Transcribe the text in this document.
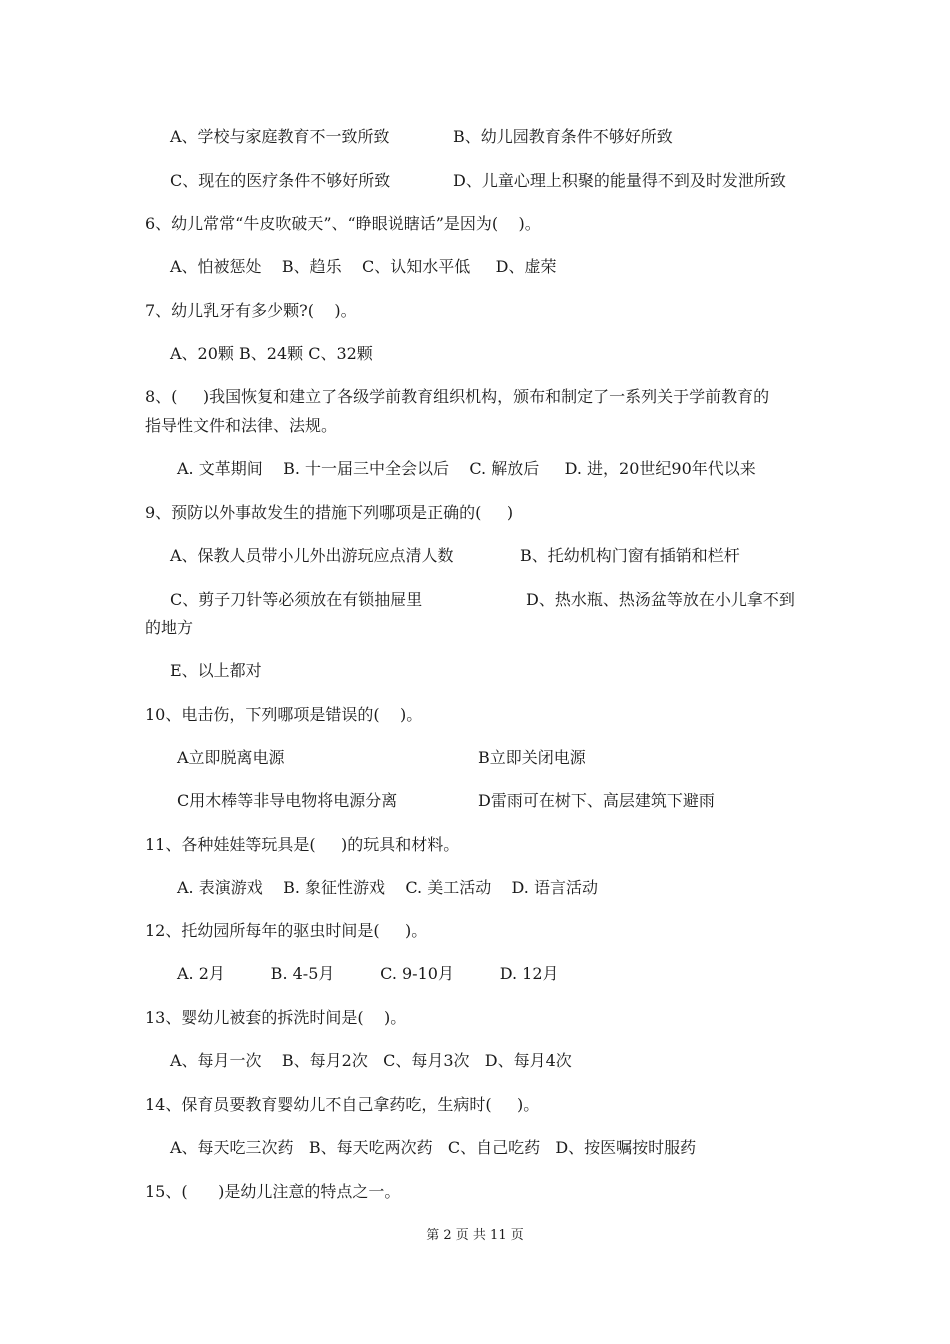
A、学校与家庭教育不一致所致	B、幼儿园教育条件不够好所致
C、现在的医疗条件不够好所致	D、儿童心理上积聚的能量得不到及时发泄所致
6、幼儿常常“牛皮吹破天”、“睁眼说瞎话”是因为(    )。
A、怕被惩处    B、趋乐    C、认知水平低     D、虚荣
7、幼儿乳牙有多少颗?(    )。
A、20颗 B、24颗 C、32颗
8、(     )我国恢复和建立了各级学前教育组织机构，颁布和制定了一系列关于学前教育的
指导性文件和法律、法规。
A. 文革期间    B. 十一届三中全会以后    C. 解放后     D. 进，20世纪90年代以来
9、预防以外事故发生的措施下列哪项是正确的(     )
A、保教人员带小儿外出游玩应点清人数	B、托幼机构门窗有插销和栏杆
C、剪子刀针等必须放在有锁抽屉里	D、热水瓶、热汤盆等放在小儿拿不到
的地方
E、以上都对
10、电击伤，下列哪项是错误的(    )。
A立即脱离电源	B立即关闭电源
C用木棒等非导电物将电源分离	D雷雨可在树下、高层建筑下避雨
11、各种娃娃等玩具是(     )的玩具和材料。
A. 表演游戏    B. 象征性游戏    C. 美工活动    D. 语言活动
12、托幼园所每年的驱虫时间是(     )。
A. 2月         B. 4-5月         C. 9-10月         D. 12月
13、婴幼儿被套的拆洗时间是(    )。
A、每月一次    B、每月2次   C、每月3次   D、每月4次
14、保育员要教育婴幼儿不自己拿药吃，生病时(     )。
A、每天吃三次药   B、每天吃两次药   C、自己吃药   D、按医嘱按时服药
15、(      )是幼儿注意的特点之一。
第 2 页 共 11 页
